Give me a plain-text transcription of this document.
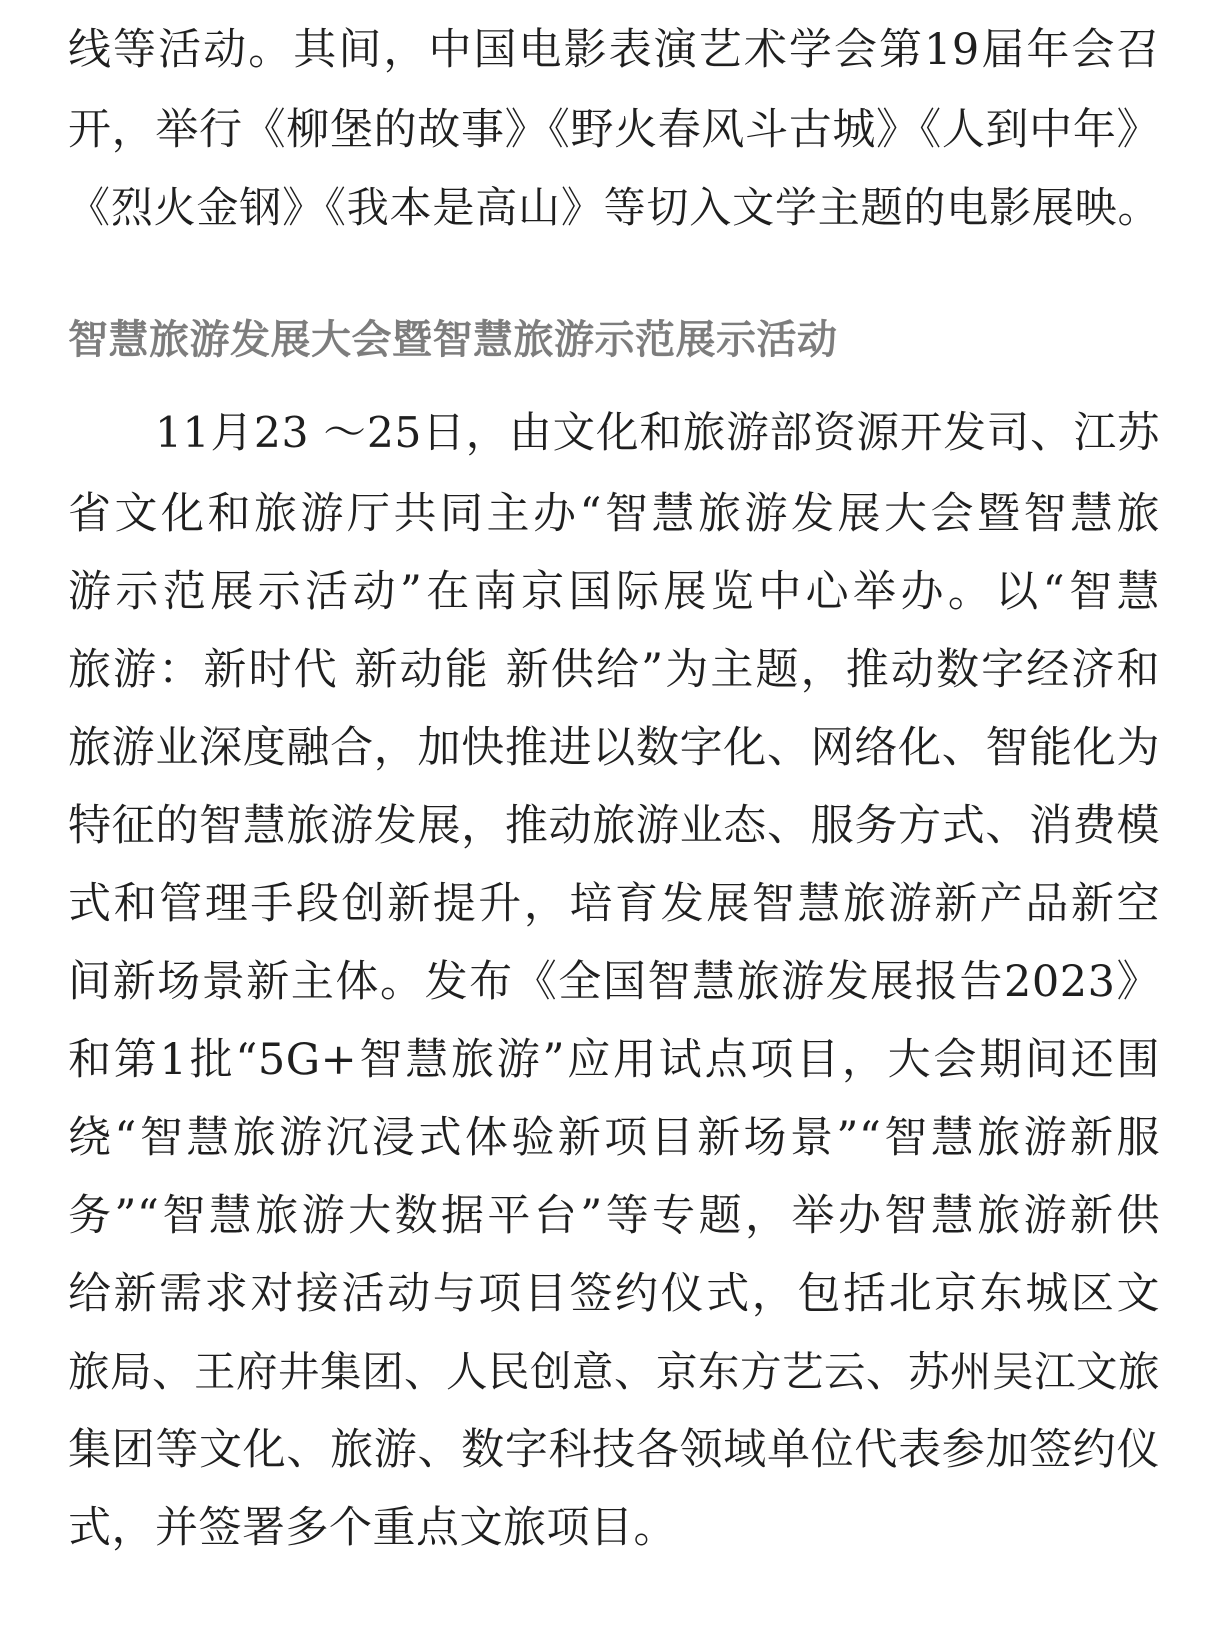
线等活动。其间，中国电影表演艺术学会第19届年会召
开，举行《柳堡的故事》《野火春风斗古城》《人到中年》
《烈火金钢》《我本是高山》等切入文学主题的电影展映。
智慧旅游发展大会暨智慧旅游示范展示活动
11月23 ～25日，由文化和旅游部资源开发司、江苏
省文化和旅游厅共同主办“智慧旅游发展大会暨智慧旅
游示范展示活动”在南京国际展览中心举办。以“智慧
旅游：新时代 新动能 新供给”为主题，推动数字经济和
旅游业深度融合，加快推进以数字化、网络化、智能化为
特征的智慧旅游发展，推动旅游业态、服务方式、消费模
式和管理手段创新提升，培育发展智慧旅游新产品新空
间新场景新主体。发布《全国智慧旅游发展报告2023》
和第1批“5G+智慧旅游”应用试点项目，大会期间还围
绕“智慧旅游沉浸式体验新项目新场景”“智慧旅游新服
务”“智慧旅游大数据平台”等专题，举办智慧旅游新供
给新需求对接活动与项目签约仪式，包括北京东城区文
旅局、王府井集团、人民创意、京东方艺云、苏州吴江文旅
集团等文化、旅游、数字科技各领域单位代表参加签约仪
式，并签署多个重点文旅项目。
